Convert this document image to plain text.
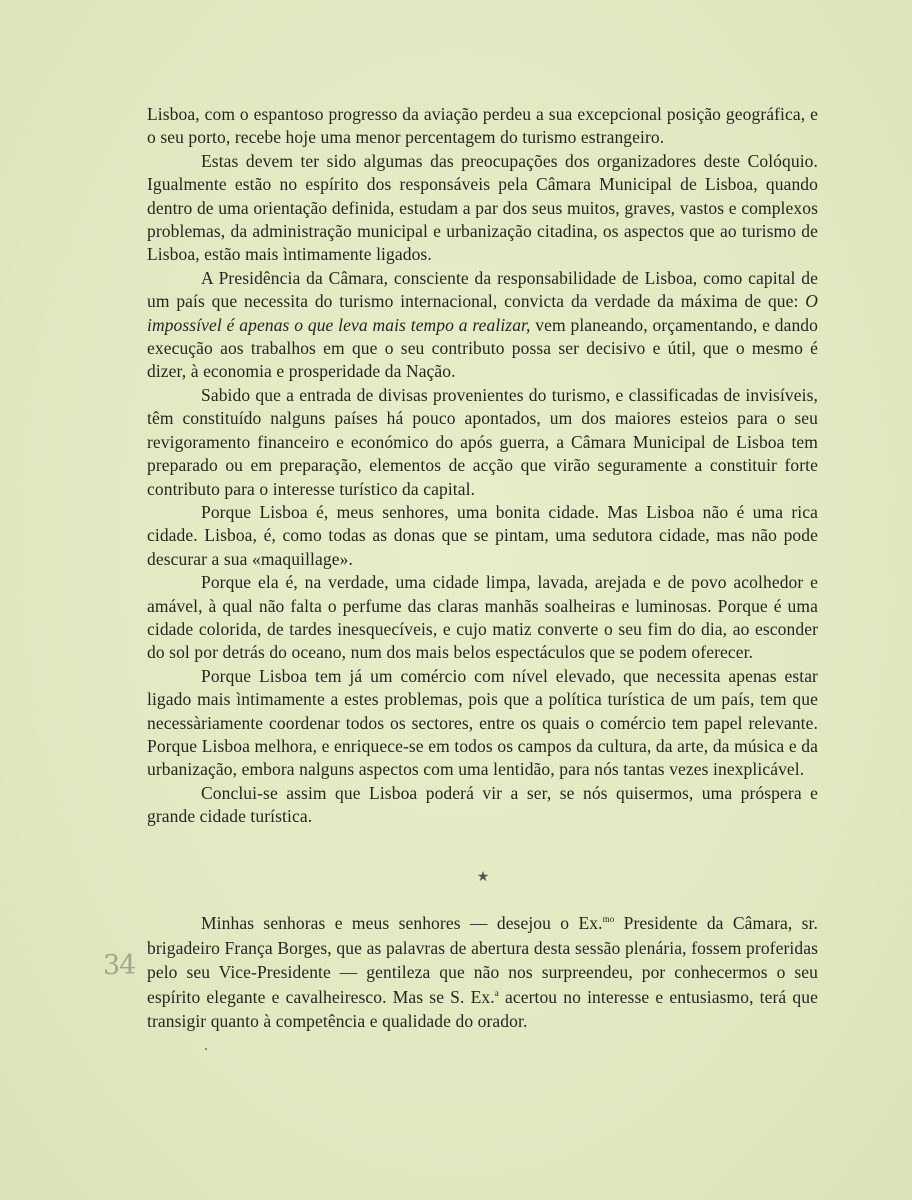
Lisboa, com o espantoso progresso da aviação perdeu a sua excepcional posição geográfica, e o seu porto, recebe hoje uma menor percentagem do turismo estrangeiro.

Estas devem ter sido algumas das preocupações dos organizadores deste Colóquio. Igualmente estão no espírito dos responsáveis pela Câmara Municipal de Lisboa, quando dentro de uma orientação definida, estudam a par dos seus muitos, graves, vastos e complexos problemas, da administração municipal e urbanização citadina, os aspectos que ao turismo de Lisboa, estão mais ìntimamente ligados.

A Presidência da Câmara, consciente da responsabilidade de Lisboa, como capital de um país que necessita do turismo internacional, convicta da verdade da máxima de que: O impossível é apenas o que leva mais tempo a realizar, vem planeando, orçamentando, e dando execução aos trabalhos em que o seu contributo possa ser decisivo e útil, que o mesmo é dizer, à economia e prosperidade da Nação.

Sabido que a entrada de divisas provenientes do turismo, e classificadas de invisíveis, têm constituído nalguns países há pouco apontados, um dos maiores esteios para o seu revigoramento financeiro e económico do após guerra, a Câmara Municipal de Lisboa tem preparado ou em preparação, elementos de acção que virão seguramente a constituir forte contributo para o interesse turístico da capital.

Porque Lisboa é, meus senhores, uma bonita cidade. Mas Lisboa não é uma rica cidade. Lisboa, é, como todas as donas que se pintam, uma sedutora cidade, mas não pode descurar a sua «maquillage».

Porque ela é, na verdade, uma cidade limpa, lavada, arejada e de povo acolhedor e amável, à qual não falta o perfume das claras manhãs soalheiras e luminosas. Porque é uma cidade colorida, de tardes inesquecíveis, e cujo matiz converte o seu fim do dia, ao esconder do sol por detrás do oceano, num dos mais belos espectáculos que se podem oferecer.

Porque Lisboa tem já um comércio com nível elevado, que necessita apenas estar ligado mais ìntimamente a estes problemas, pois que a política turística de um país, tem que necessàriamente coordenar todos os sectores, entre os quais o comércio tem papel relevante. Porque Lisboa melhora, e enriquece-se em todos os campos da cultura, da arte, da música e da urbanização, embora nalguns aspectos com uma lentidão, para nós tantas vezes inexplicável.

Conclui-se assim que Lisboa poderá vir a ser, se nós quisermos, uma próspera e grande cidade turística.

★

Minhas senhoras e meus senhores — desejou o Ex.$^{mo}$ Presidente da Câmara, sr. brigadeiro França Borges, que as palavras de abertura desta sessão plenária, fossem proferidas pelo seu Vice-Presidente — gentileza que não nos surpreendeu, por conhecermos o seu espírito elegante e cavalheiresco. Mas se S. Ex.$^a$ acertou no interesse e entusiasmo, terá que transigir quanto à competência e qualidade do orador.

34
